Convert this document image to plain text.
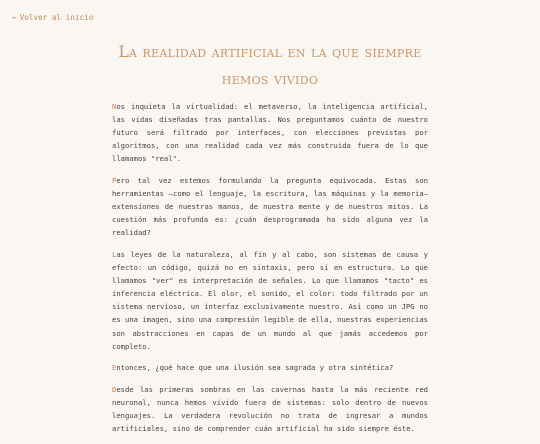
← Volver al inicio
La realidad artificial en la que siempre hemos vivido

Nos inquieta la virtualidad: el metaverso, la inteligencia artificial, las vidas diseñadas tras pantallas. Nos preguntamos cuánto de nuestro futuro será filtrado por interfaces, con elecciones previstas por algoritmos, con una realidad cada vez más construida fuera de lo que llamamos "real".

Pero tal vez estemos formulando la pregunta equivocada. Estas son herramientas —como el lenguaje, la escritura, las máquinas y la memoria— extensiones de nuestras manos, de nuestra mente y de nuestros mitos. La cuestión más profunda es: ¿cuán desprogramada ha sido alguna vez la realidad?

Las leyes de la naturaleza, al fin y al cabo, son sistemas de causa y efecto: un código, quizá no en sintaxis, pero sí en estructura. Lo que llamamos "ver" es interpretación de señales. Lo que llamamos "tacto" es inferencia eléctrica. El olor, el sonido, el color: todo filtrado por un sistema nervioso, un interfaz exclusivamente nuestro. Así como un JPG no es una imagen, sino una compresión legible de ella, nuestras experiencias son abstracciones en capas de un mundo al que jamás accedemos por completo.

Entonces, ¿qué hace que una ilusión sea sagrada y otra sintética?

Desde las primeras sombras en las cavernas hasta la más reciente red neuronal, nunca hemos vivido fuera de sistemas: solo dentro de nuevos lenguajes. La verdadera revolución no trata de ingresar a mundos artificiales, sino de comprender cuán artificial ha sido siempre éste.
